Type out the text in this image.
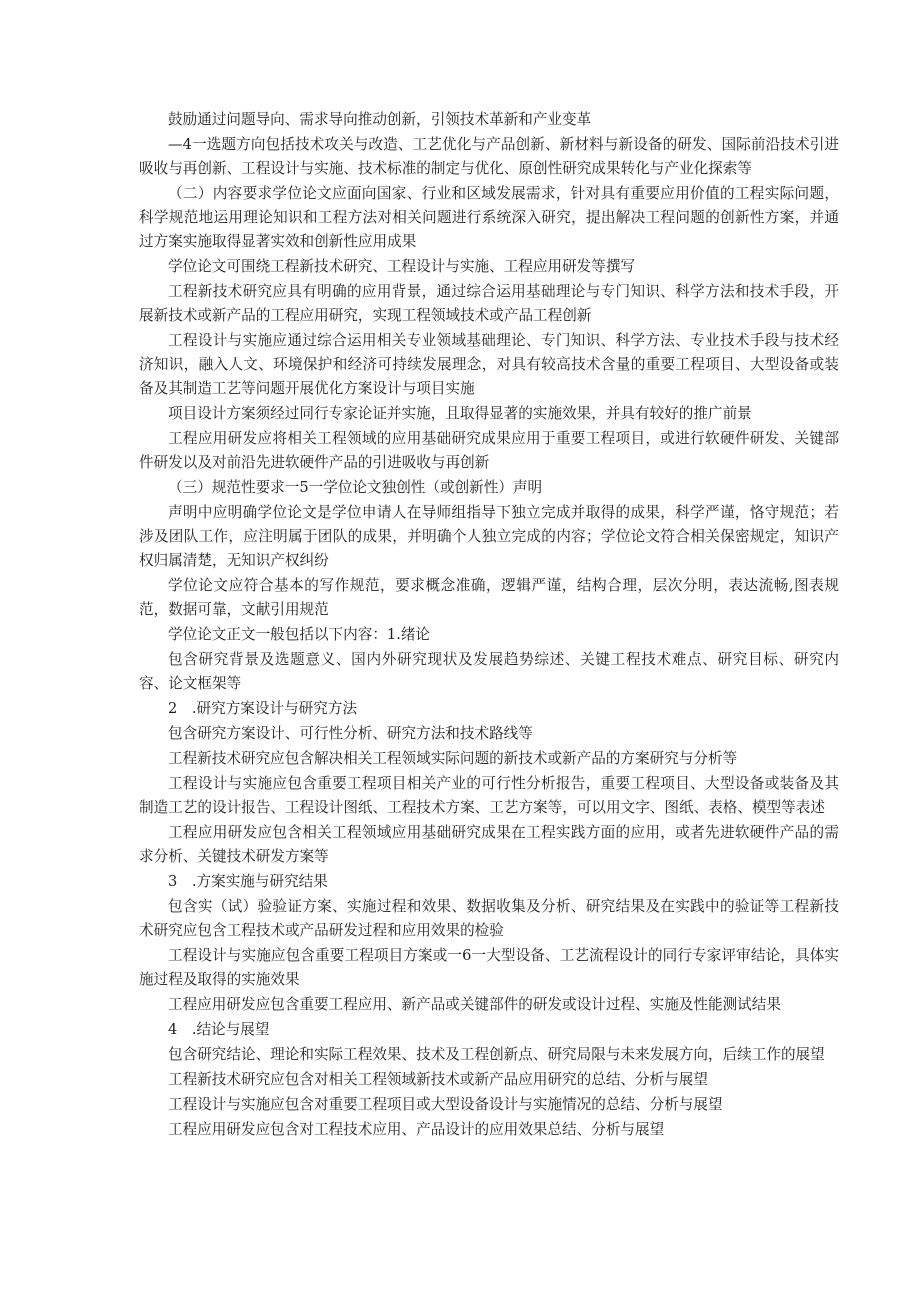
鼓励通过问题导向、需求导向推动创新，引领技术革新和产业变革

—4一选题方向包括技术攻关与改造、工艺优化与产品创新、新材料与新设备的研发、国际前沿技术引进吸收与再创新、工程设计与实施、技术标准的制定与优化、原创性研究成果转化与产业化探索等

（二）内容要求学位论文应面向国家、行业和区域发展需求，针对具有重要应用价值的工程实际问题，科学规范地运用理论知识和工程方法对相关问题进行系统深入研究，提出解决工程问题的创新性方案，并通过方案实施取得显著实效和创新性应用成果

学位论文可围绕工程新技术研究、工程设计与实施、工程应用研发等撰写

工程新技术研究应具有明确的应用背景，通过综合运用基础理论与专门知识、科学方法和技术手段，开展新技术或新产品的工程应用研究，实现工程领域技术或产品工程创新

工程设计与实施应通过综合运用相关专业领域基础理论、专门知识、科学方法、专业技术手段与技术经济知识，融入人文、环境保护和经济可持续发展理念，对具有较高技术含量的重要工程项目、大型设备或装备及其制造工艺等问题开展优化方案设计与项目实施

项目设计方案须经过同行专家论证并实施，且取得显著的实施效果，并具有较好的推广前景

工程应用研发应将相关工程领域的应用基础研究成果应用于重要工程项目，或进行软硬件研发、关键部件研发以及对前沿先进软硬件产品的引进吸收与再创新

（三）规范性要求一5一学位论文独创性（或创新性）声明

声明中应明确学位论文是学位申请人在导师组指导下独立完成并取得的成果，科学严谨，恪守规范；若涉及团队工作，应注明属于团队的成果，并明确个人独立完成的内容；学位论文符合相关保密规定，知识产权归属清楚，无知识产权纠纷

学位论文应符合基本的写作规范，要求概念准确，逻辑严谨，结构合理，层次分明，表达流畅,图表规范，数据可靠，文献引用规范

学位论文正文一般包括以下内容：1.绪论

包含研究背景及选题意义、国内外研究现状及发展趋势综述、关键工程技术难点、研究目标、研究内容、论文框架等

2　.研究方案设计与研究方法

包含研究方案设计、可行性分析、研究方法和技术路线等

工程新技术研究应包含解决相关工程领域实际问题的新技术或新产品的方案研究与分析等

工程设计与实施应包含重要工程项目相关产业的可行性分析报告，重要工程项目、大型设备或装备及其制造工艺的设计报告、工程设计图纸、工程技术方案、工艺方案等，可以用文字、图纸、表格、模型等表述

工程应用研发应包含相关工程领域应用基础研究成果在工程实践方面的应用，或者先进软硬件产品的需求分析、关键技术研发方案等

3　.方案实施与研究结果

包含实（试）验验证方案、实施过程和效果、数据收集及分析、研究结果及在实践中的验证等工程新技术研究应包含工程技术或产品研发过程和应用效果的检验

工程设计与实施应包含重要工程项目方案或一6一大型设备、工艺流程设计的同行专家评审结论，具体实施过程及取得的实施效果

工程应用研发应包含重要工程应用、新产品或关键部件的研发或设计过程、实施及性能测试结果

4　.结论与展望

包含研究结论、理论和实际工程效果、技术及工程创新点、研究局限与未来发展方向，后续工作的展望

工程新技术研究应包含对相关工程领域新技术或新产品应用研究的总结、分析与展望

工程设计与实施应包含对重要工程项目或大型设备设计与实施情况的总结、分析与展望

工程应用研发应包含对工程技术应用、产品设计的应用效果总结、分析与展望
